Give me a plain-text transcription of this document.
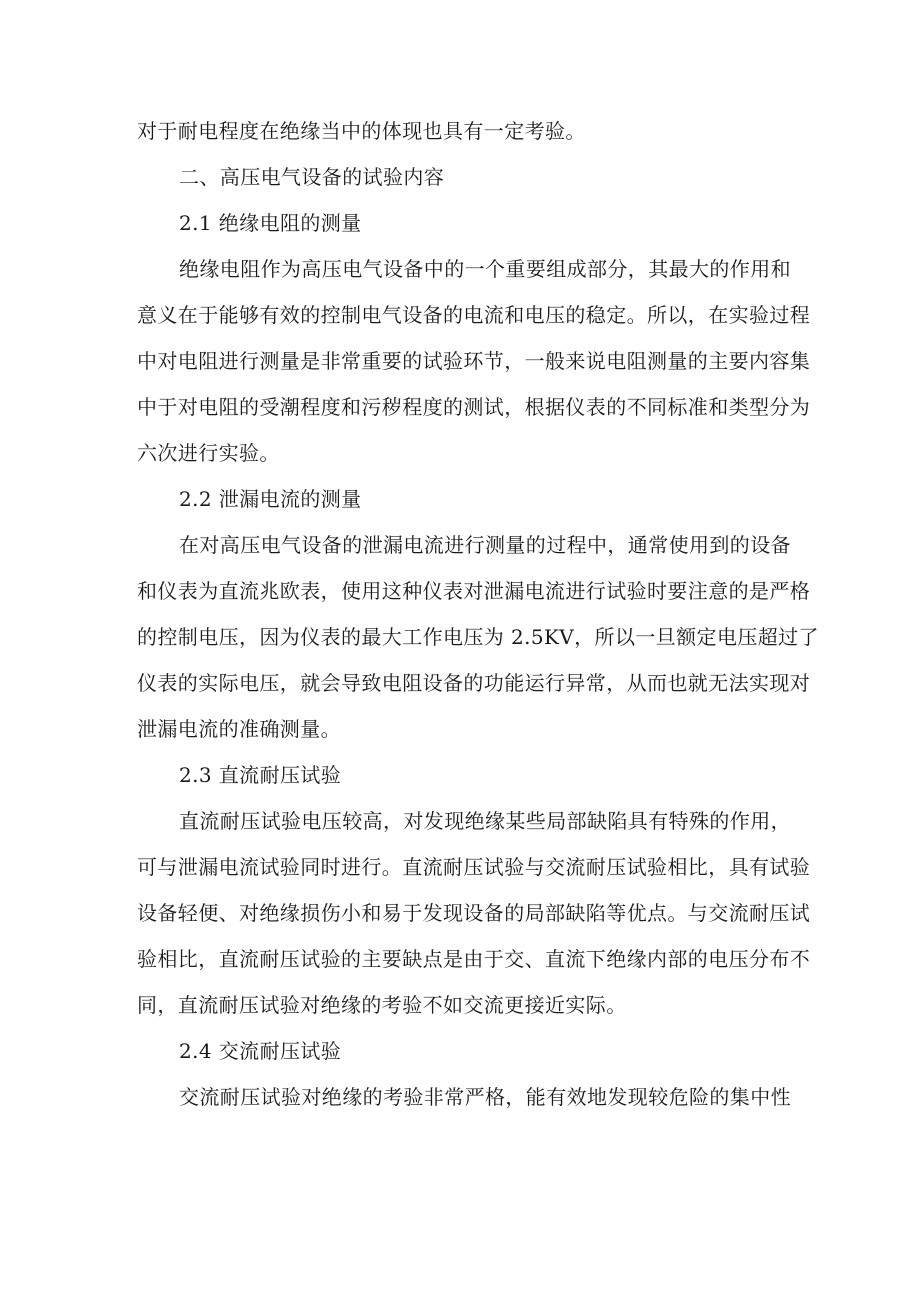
对于耐电程度在绝缘当中的体现也具有一定考验。

二、高压电气设备的试验内容

2.1 绝缘电阻的测量

绝缘电阻作为高压电气设备中的一个重要组成部分，其最大的作用和

意义在于能够有效的控制电气设备的电流和电压的稳定。所以，在实验过程

中对电阻进行测量是非常重要的试验环节，一般来说电阻测量的主要内容集

中于对电阻的受潮程度和污秽程度的测试，根据仪表的不同标准和类型分为

六次进行实验。

2.2 泄漏电流的测量

在对高压电气设备的泄漏电流进行测量的过程中，通常使用到的设备

和仪表为直流兆欧表，使用这种仪表对泄漏电流进行试验时要注意的是严格

的控制电压，因为仪表的最大工作电压为 2.5KV，所以一旦额定电压超过了

仪表的实际电压，就会导致电阻设备的功能运行异常，从而也就无法实现对

泄漏电流的准确测量。

2.3 直流耐压试验

直流耐压试验电压较高，对发现绝缘某些局部缺陷具有特殊的作用，

可与泄漏电流试验同时进行。直流耐压试验与交流耐压试验相比，具有试验

设备轻便、对绝缘损伤小和易于发现设备的局部缺陷等优点。与交流耐压试

验相比，直流耐压试验的主要缺点是由于交、直流下绝缘内部的电压分布不

同，直流耐压试验对绝缘的考验不如交流更接近实际。

2.4 交流耐压试验

交流耐压试验对绝缘的考验非常严格，能有效地发现较危险的集中性
